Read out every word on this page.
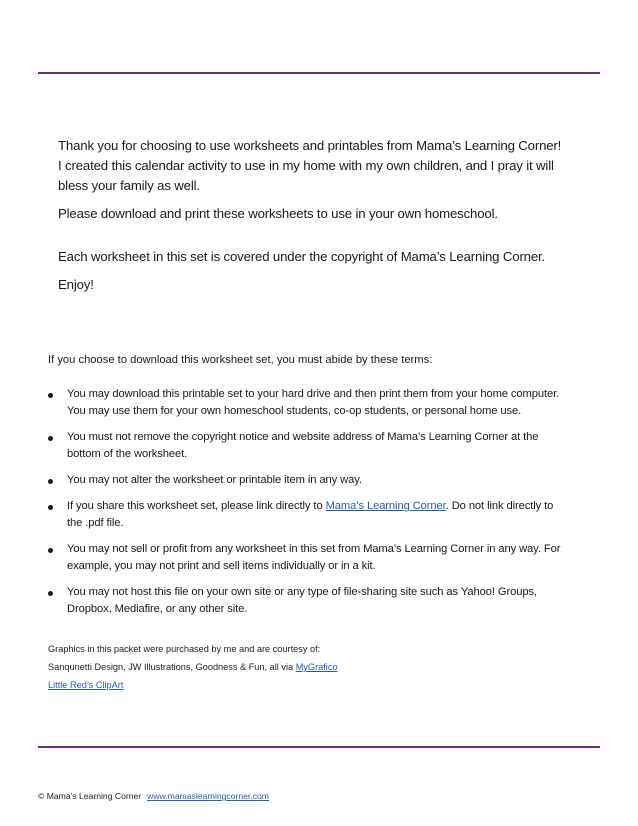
Thank you for choosing to use worksheets and printables from Mama’s Learning Corner!

I created this calendar activity to use in my home with my own children, and I pray it will

bless your family as well.

Please download and print these worksheets to use in your own homeschool.

Each worksheet in this set is covered under the copyright of Mama’s Learning Corner.

Enjoy!

If you choose to download this worksheet set, you must abide by these terms:

You may download this printable set to your hard drive and then print them from your home computer.
You may use them for your own homeschool students, co-op students, or personal home use.
You must not remove the copyright notice and website address of Mama’s Learning Corner at the
bottom of the worksheet.
You may not alter the worksheet or printable item in any way.
If you share this worksheet set, please link directly to Mama’s Learning Corner. Do not link directly to
the .pdf file.
You may not sell or profit from any worksheet in this set from Mama’s Learning Corner in any way. For
example, you may not print and sell items individually or in a kit.
You may not host this file on your own site or any type of file-sharing site such as Yahoo! Groups,
Dropbox, Mediafire, or any other site.
Graphics in this packet were purchased by me and are courtesy of:
Sanqunetti Design, JW Illustrations, Goodness & Fun, all via MyGrafico
Little Red’s ClipArt
© Mama’s Learning Corner www.mamaslearningcorner.com
